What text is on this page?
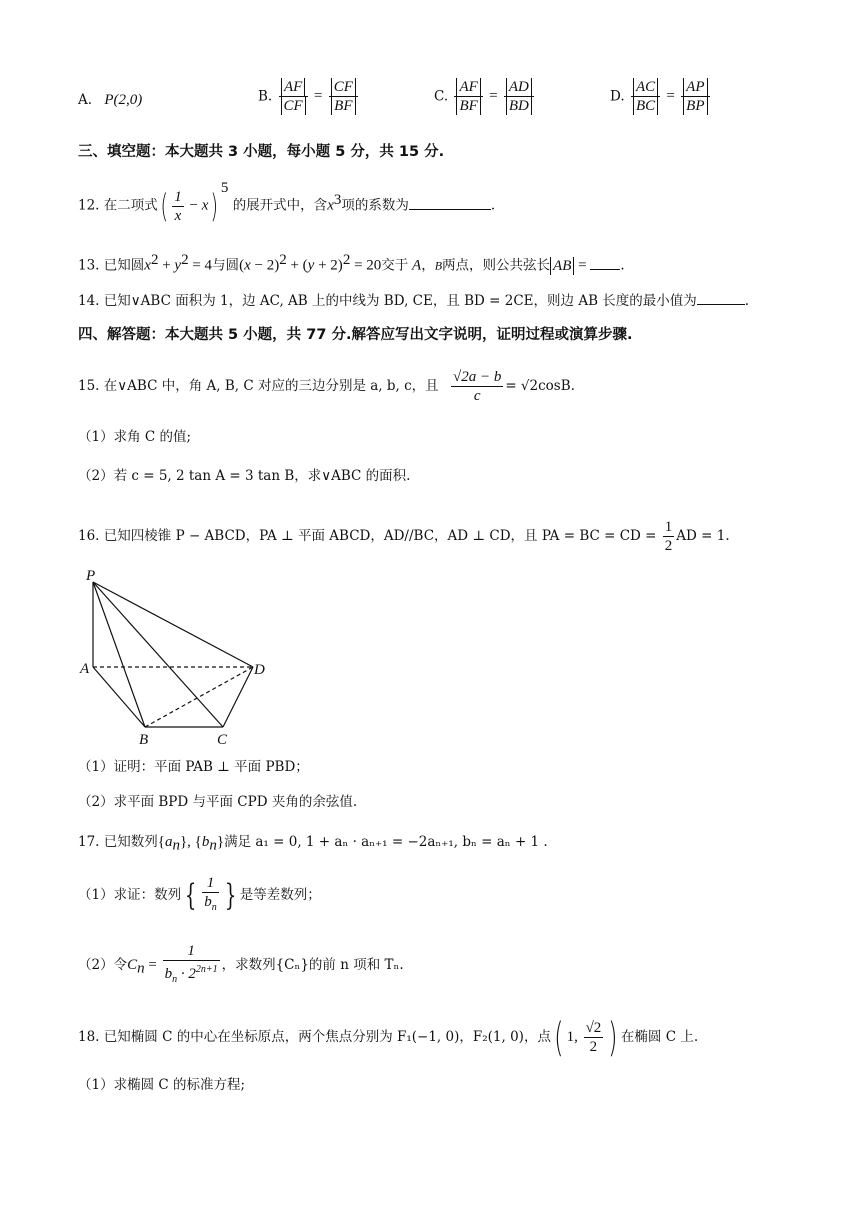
A. P(2,0)	B. $\frac{AF}{CF} = \frac{CF}{BF}$	C. $\frac{AF}{BF} = \frac{AD}{BD}$	D. $\frac{AC}{BC} = \frac{AP}{BP}$
三、填空题：本大题共 3 小题，每小题 5 分，共 15 分.
12. 在二项式( $\frac{1}{x} - x$) $^5$ 的展开式中，含$x^3$项的系数为	.
13. 已知圆$x^2 + y^2 = 4$与圆$(x - 2)^2 + (y + 2)^2 = 20$交于 A，B两点，则公共弦长 AB = .
14. 已知∨ABC 面积为 1，边 AC, AB 上的中线为 BD, CE，且 BD = 2CE，则边 AB 长度的最小值为	.
四、解答题：本大题共 5 小题，共 77 分.解答应写出文字说明，证明过程或演算步骤.
15. 在∨ABC 中，角 A, B, C 对应的三边分别是 a, b, c，且 $\frac{√2a - b}{c} = √2\cos B$.
（1）求角 C 的值;
（2）若 c = 5, 2 tan A = 3 tan B，求∨ABC 的面积.
16. 已知四棱锥 P − ABCD，PA ⊥ 平面 ABCD，AD//BC，AD ⊥ CD，且 PA = BC = CD = $\frac{1}{2}$ AD = 1.
P
A
B	C
D
（1）证明：平面 PAB ⊥ 平面 PBD；
（2）求平面 BPD 与平面 CPD 夹角的余弦值.
17. 已知数列$\{a_n\}$, $\{b_n\}$满足 a₁ = 0, 1 + aₙ · aₙ₊₁ = −2aₙ₊₁, bₙ = aₙ + 1 .
（1）求证：数列 { $\frac{1}{b_n}$ } 是等差数列；
（2）令$C_n = \frac{1}{b_n \cdot 2^{2n+1}}$ ，求数列{Cₙ}的前 n 项和 Tₙ.
18. 已知椭圆 C 的中心在坐标原点，两个焦点分别为 F₁(−1, 0)，F₂(1, 0)，点( 1, $\frac{√2}{2}$ ) 在椭圆 C 上.
（1）求椭圆 C 的标准方程;
